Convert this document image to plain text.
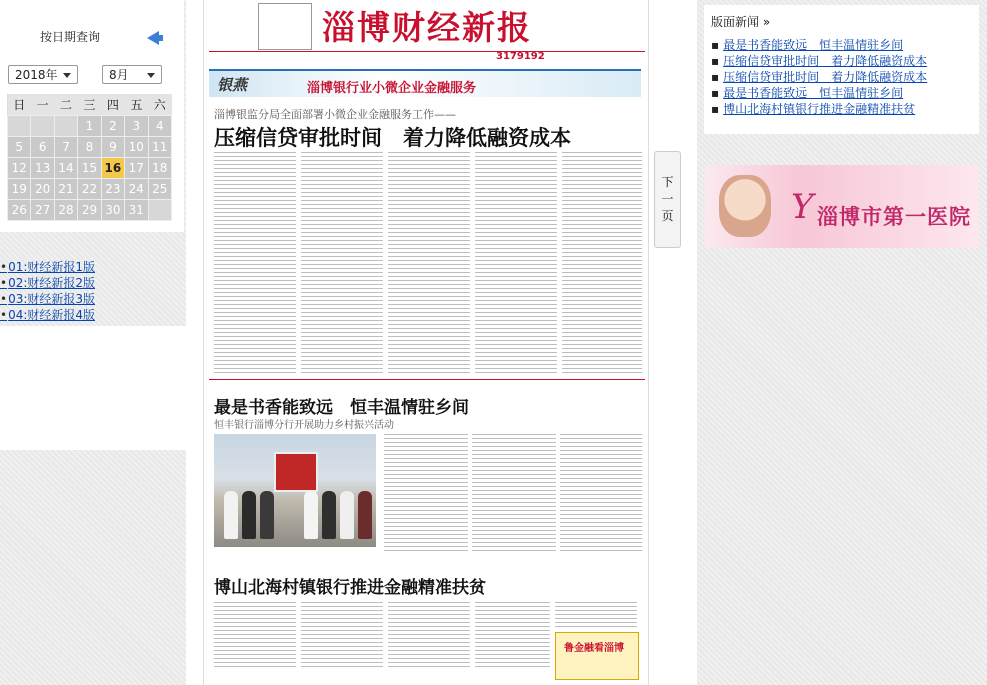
按日期查询
2018年	8月
日	一	二	三	四	五	六
			1	2	3	4
5	6	7	8	9	10	11
12	13	14	15	16	17	18
19	20	21	22	23	24	25
26	27	28	29	30	31	
•01:财经新报1版
•02:财经新报2版
•03:财经新报3版
•04:财经新报4版
淄博财经新报
3179192
银燕	淄博银行业小微企业金融服务
淄博银监分局全面部署小微企业金融服务工作——
压缩信贷审批时间　着力降低融资成本
最是书香能致远　恒丰温情驻乡间
恒丰银行淄博分行开展助力乡村振兴活动
博山北海村镇银行推进金融精准扶贫
鲁金融看淄博
下一页
版面新闻 »
▪ 最是书香能致远　恒丰温情驻乡间
▪ 压缩信贷审批时间　着力降低融资成本
▪ 压缩信贷审批时间　着力降低融资成本
▪ 最是书香能致远　恒丰温情驻乡间
▪ 博山北海村镇银行推进金融精准扶贫
Y 淄博市第一医院
